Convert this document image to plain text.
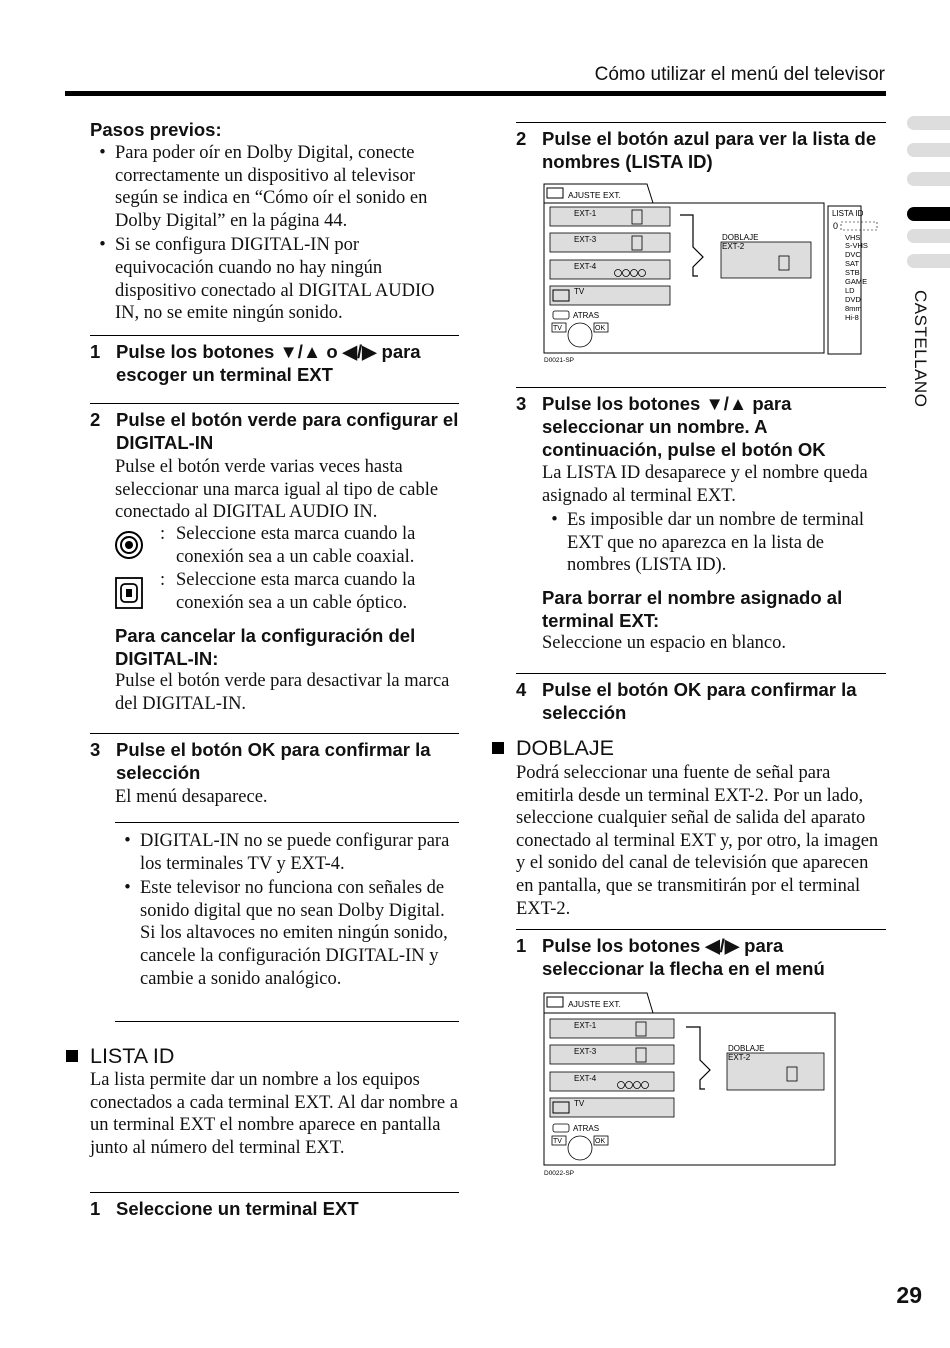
Cómo utilizar el menú del televisor
CASTELLANO
Pasos previos:
• Para poder oír en Dolby Digital, conecte correctamente un dispositivo al televisor según se indica en “Cómo oír el sonido en Dolby Digital” en la página 44.
• Si se configura DIGITAL-IN por equivocación cuando no hay ningún dispositivo conectado al DIGITAL AUDIO IN, no se emite ningún sonido.
1 Pulse los botones ▼/▲ o ◀/▶ para escoger un terminal EXT
2 Pulse el botón verde para configurar el DIGITAL-IN
Pulse el botón verde varias veces hasta seleccionar una marca igual al tipo de cable conectado al DIGITAL AUDIO IN.
: Seleccione esta marca cuando la conexión sea a un cable coaxial.
: Seleccione esta marca cuando la conexión sea a un cable óptico.
Para cancelar la configuración del DIGITAL-IN:
Pulse el botón verde para desactivar la marca del DIGITAL-IN.
3 Pulse el botón OK para confirmar la selección
El menú desaparece.
• DIGITAL-IN no se puede configurar para los terminales TV y EXT-4.
• Este televisor no funciona con señales de sonido digital que no sean Dolby Digital. Si los altavoces no emiten ningún sonido, cancele la configuración DIGITAL-IN y cambie a sonido analógico.
LISTA ID
La lista permite dar un nombre a los equipos conectados a cada terminal EXT. Al dar nombre a un terminal EXT el nombre aparece en pantalla junto al número del terminal EXT.
1 Seleccione un terminal EXT
2 Pulse el botón azul para ver la lista de nombres (LISTA ID)
AJUSTE EXT.
EXT-1
EXT-3
EXT-4
TV
DOBLAJE
EXT-2
ATRAS
TV	OK
D0021-SP
LISTA ID
0
VHS
S-VHS
DVC
SAT
STB
GAME
LD
DVD
8mm
Hi-8
3 Pulse los botones ▼/▲ para seleccionar un nombre. A continuación, pulse el botón OK
La LISTA ID desaparece y el nombre queda asignado al terminal EXT.
• Es imposible dar un nombre de terminal EXT que no aparezca en la lista de nombres (LISTA ID).
Para borrar el nombre asignado al terminal EXT:
Seleccione un espacio en blanco.
4 Pulse el botón OK para confirmar la selección
DOBLAJE
Podrá seleccionar una fuente de señal para emitirla desde un terminal EXT-2. Por un lado, seleccione cualquier señal de salida del aparato conectado al terminal EXT y, por otro, la imagen y el sonido del canal de televisión que aparecen en pantalla, que se transmitirán por el terminal EXT-2.
1 Pulse los botones ◀/▶ para seleccionar la flecha en el menú
AJUSTE EXT.
EXT-1
EXT-3
EXT-4
TV
DOBLAJE
EXT-2
ATRAS
TV	OK
D0022-SP
29
